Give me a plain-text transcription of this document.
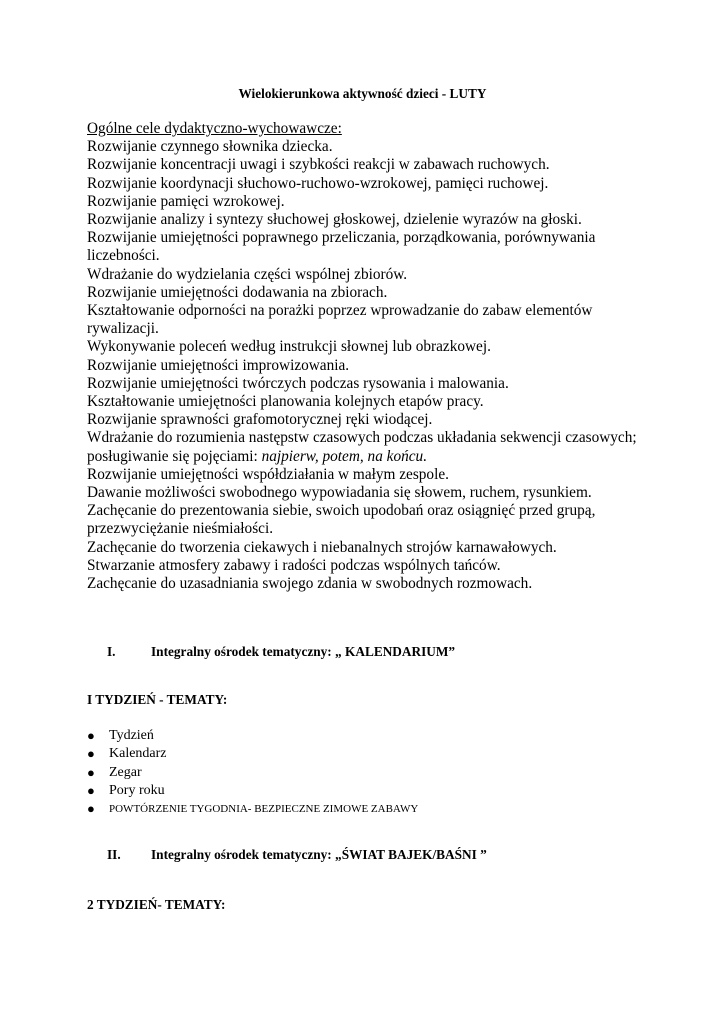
Wielokierunkowa aktywność dzieci - LUTY

Ogólne cele dydaktyczno-wychowawcze:

Rozwijanie czynnego słownika dziecka.

Rozwijanie koncentracji uwagi i szybkości reakcji w zabawach ruchowych.

Rozwijanie koordynacji słuchowo-ruchowo-wzrokowej, pamięci ruchowej.

Rozwijanie pamięci wzrokowej.

Rozwijanie analizy i syntezy słuchowej głoskowej, dzielenie wyrazów na głoski.

Rozwijanie umiejętności poprawnego przeliczania, porządkowania, porównywania liczebności.

Wdrażanie do wydzielania części wspólnej zbiorów.

Rozwijanie umiejętności dodawania na zbiorach.

Kształtowanie odporności na porażki poprzez wprowadzanie do zabaw elementów rywalizacji.

Wykonywanie poleceń według instrukcji słownej lub obrazkowej.

Rozwijanie umiejętności improwizowania.

Rozwijanie umiejętności twórczych podczas rysowania i malowania.

Kształtowanie umiejętności planowania kolejnych etapów pracy.

Rozwijanie sprawności grafomotorycznej ręki wiodącej.

Wdrażanie do rozumienia następstw czasowych podczas układania sekwencji czasowych; posługiwanie się pojęciami: najpierw, potem, na końcu.

Rozwijanie umiejętności współdziałania w małym zespole.

Dawanie możliwości swobodnego wypowiadania się słowem, ruchem, rysunkiem.

Zachęcanie do prezentowania siebie, swoich upodobań oraz osiągnięć przed grupą, przezwyciężanie nieśmiałości.

Zachęcanie do tworzenia ciekawych i niebanalnych strojów karnawałowych.

Stwarzanie atmosfery zabawy i radości podczas wspólnych tańców.

Zachęcanie do uzasadniania swojego zdania w swobodnych rozmowach.

I.	Integralny ośrodek tematyczny: „ KALENDARIUM”

I TYDZIEŃ - TEMATY:

● Tydzień
● Kalendarz
● Zegar
● Pory roku
● POWTÓRZENIE TYGODNIA- BEZPIECZNE ZIMOWE ZABAWY

II. Integralny ośrodek tematyczny: „ŚWIAT BAJEK/BAŚNI ”

2 TYDZIEŃ- TEMATY:
